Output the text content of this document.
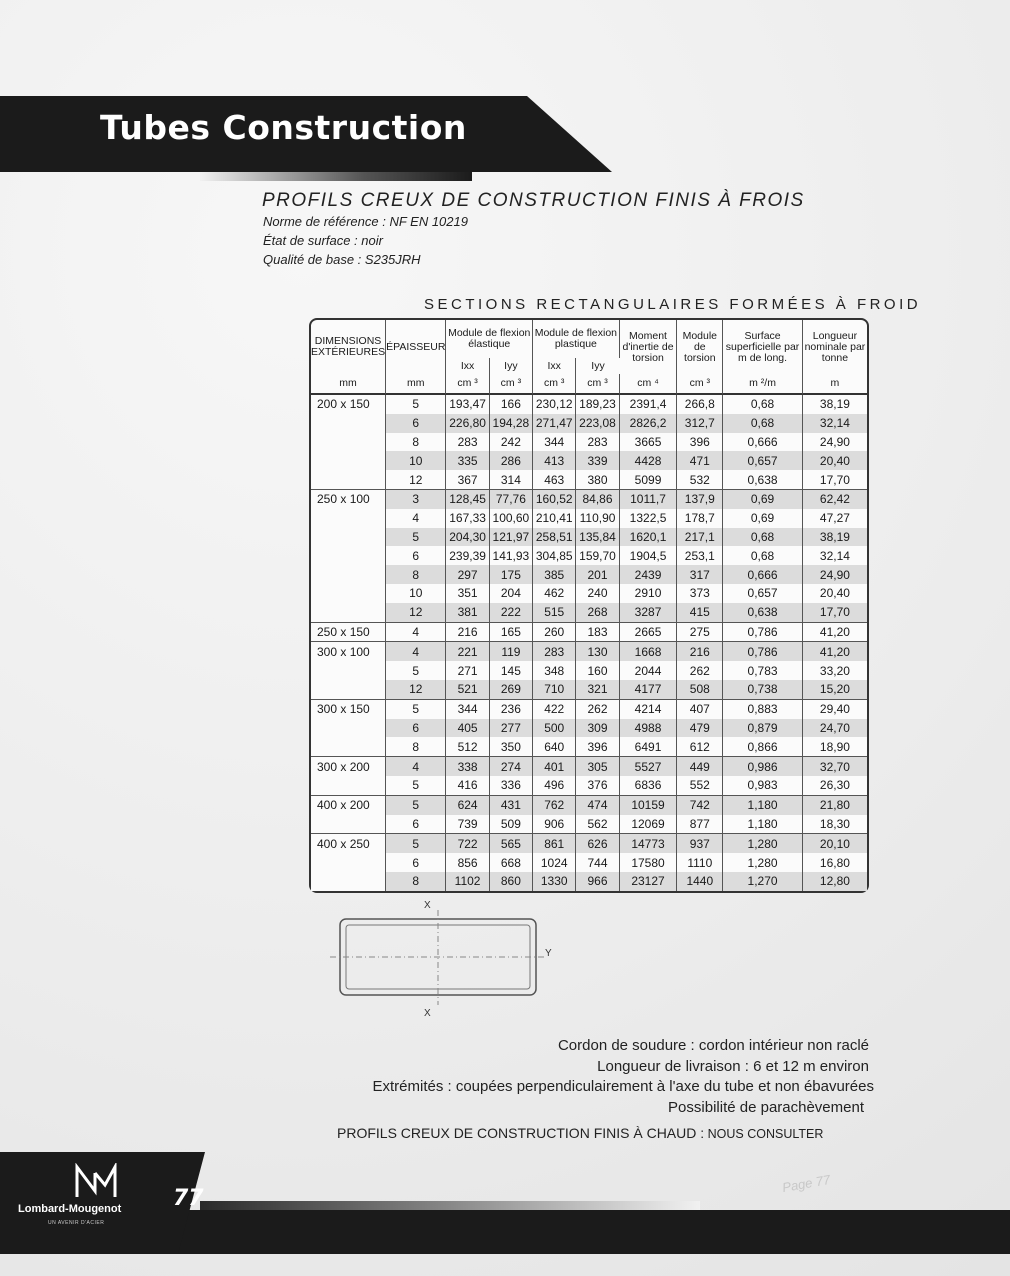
Tubes Construction
PROFILS CREUX DE CONSTRUCTION FINIS À FROIS
Norme de référence : NF EN 10219
État de surface : noir
Qualité de base : S235JRH
SECTIONS RECTANGULAIRES FORMÉES À FROID
DIMENSIONS EXTÉRIEURES	ÉPAISSEUR	Module de flexion élastique		Module de flexion plastique		Moment d'inertie de torsion	Module de torsion	Surface superficielle par m de long.	Longueur nominale par tonne
		Ixx	Iyy	Ixx	Iyy				
mm	mm	cm ³	cm ³	cm ³	cm ³	cm ⁴	cm ³	m ²/m	m
200 x 150	5	193,47	166	230,12	189,23	2391,4	266,8	0,68	38,19
	6	226,80	194,28	271,47	223,08	2826,2	312,7	0,68	32,14
	8	283	242	344	283	3665	396	0,666	24,90
	10	335	286	413	339	4428	471	0,657	20,40
	12	367	314	463	380	5099	532	0,638	17,70
250 x 100	3	128,45	77,76	160,52	84,86	1011,7	137,9	0,69	62,42
	4	167,33	100,60	210,41	110,90	1322,5	178,7	0,69	47,27
	5	204,30	121,97	258,51	135,84	1620,1	217,1	0,68	38,19
	6	239,39	141,93	304,85	159,70	1904,5	253,1	0,68	32,14
	8	297	175	385	201	2439	317	0,666	24,90
	10	351	204	462	240	2910	373	0,657	20,40
	12	381	222	515	268	3287	415	0,638	17,70
250 x 150	4	216	165	260	183	2665	275	0,786	41,20
300 x 100	4	221	119	283	130	1668	216	0,786	41,20
	5	271	145	348	160	2044	262	0,783	33,20
	12	521	269	710	321	4177	508	0,738	15,20
300 x 150	5	344	236	422	262	4214	407	0,883	29,40
	6	405	277	500	309	4988	479	0,879	24,70
	8	512	350	640	396	6491	612	0,866	18,90
300 x 200	4	338	274	401	305	5527	449	0,986	32,70
	5	416	336	496	376	6836	552	0,983	26,30
400 x 200	5	624	431	762	474	10159	742	1,180	21,80
	6	739	509	906	562	12069	877	1,180	18,30
400 x 250	5	722	565	861	626	14773	937	1,280	20,10
	6	856	668	1024	744	17580	1110	1,280	16,80
	8	1102	860	1330	966	23127	1440	1,270	12,80
X
X
Y
Cordon de soudure : cordon intérieur non raclé
Longueur de livraison : 6 et 12 m environ
Extrémités : coupées perpendiculairement à l'axe du tube et non ébavurées
Possibilité de parachèvement
PROFILS CREUX DE CONSTRUCTION FINIS À CHAUD : NOUS CONSULTER
Lombard-Mougenot
UN AVENIR D'ACIER
77
Page 77
